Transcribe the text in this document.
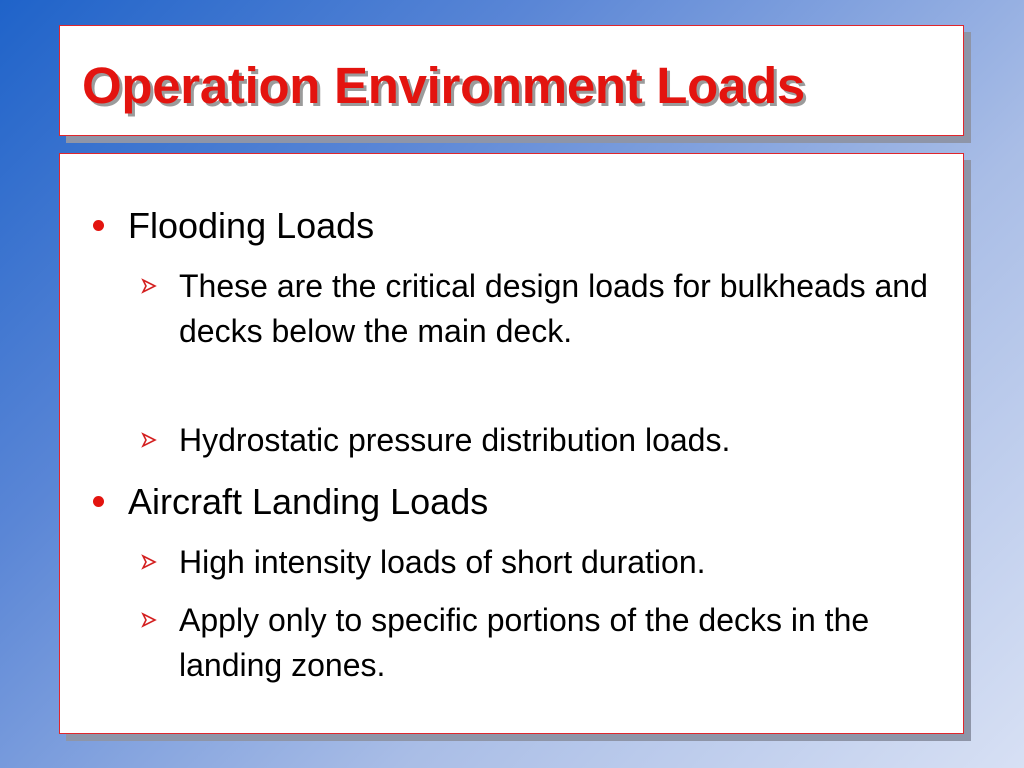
Operation Environment Loads
Flooding Loads
These are the critical design loads for bulkheads and decks below the main deck.
Hydrostatic pressure distribution loads.
Aircraft Landing Loads
High intensity loads of short duration.
Apply only to specific portions of the decks in the landing zones.
